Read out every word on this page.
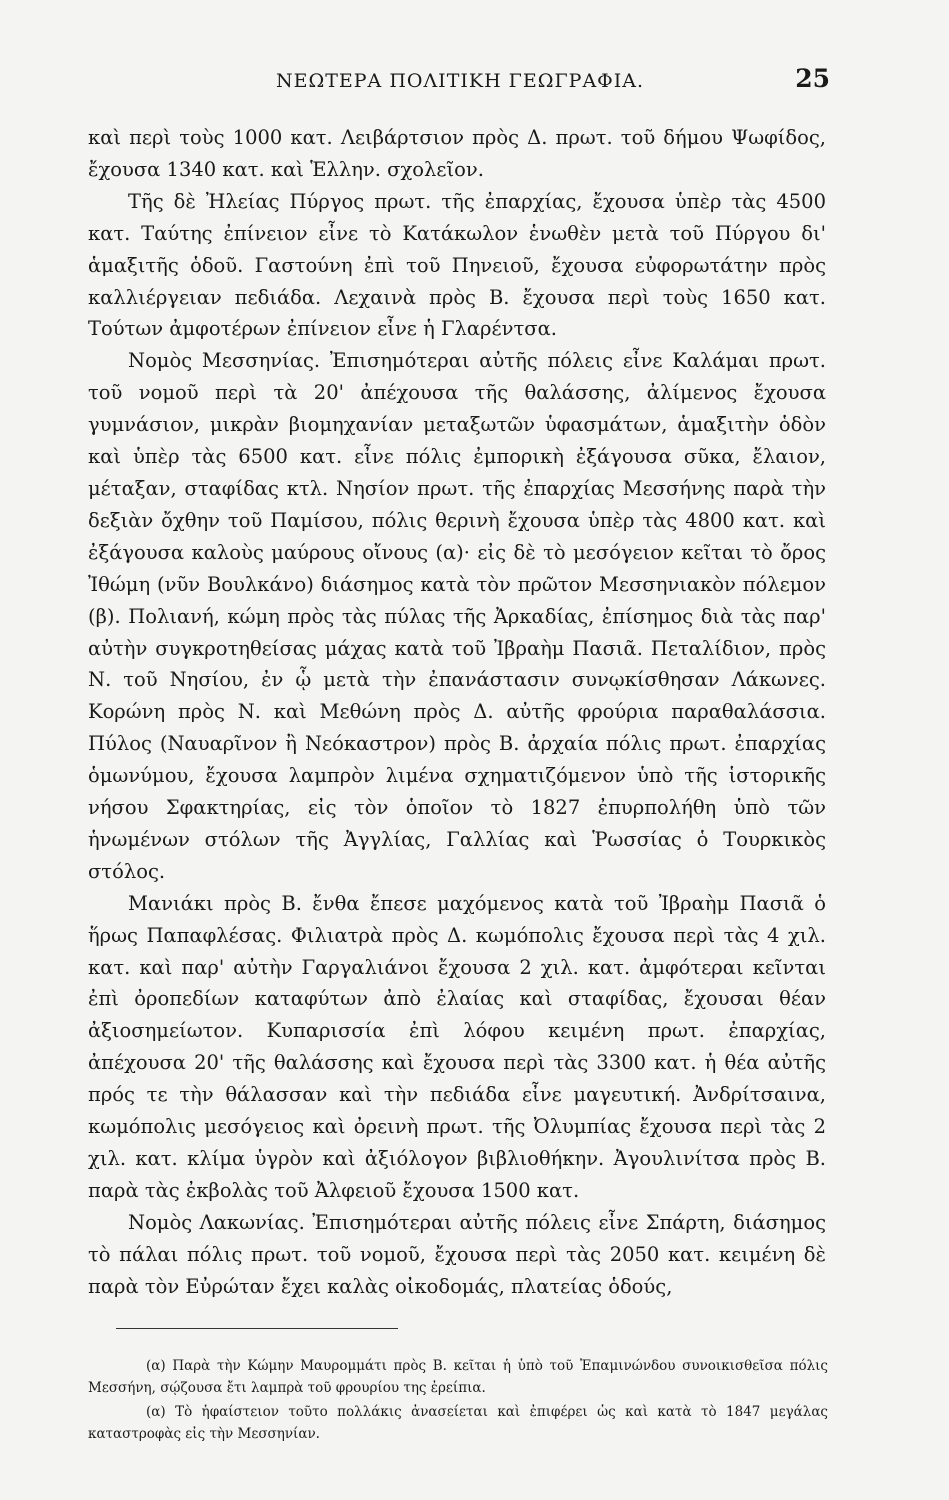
ΝΕΩΤΕΡΑ ΠΟΛΙΤΙΚΗ ΓΕΩΓΡΑΦΙΑ.	25

καὶ περὶ τοὺς 1000 κατ. Λειβάρτσιον πρὸς Δ. πρωτ. τοῦ δήμου Ψωφίδος, ἔχουσα 1340 κατ. καὶ Ἑλλην. σχολεῖον.

Τῆς δὲ Ἠλείας Πύργος πρωτ. τῆς ἐπαρχίας, ἔχουσα ὑπὲρ τὰς 4500 κατ. Ταύτης ἐπίνειον εἶνε τὸ Κατάκωλον ἑνωθὲν μετὰ τοῦ Πύργου δι' ἁμαξιτῆς ὁδοῦ. Γαστούνη ἐπὶ τοῦ Πηνειοῦ, ἔχουσα εὐφορωτάτην πρὸς καλλιέργειαν πεδιάδα. Λεχαινὰ πρὸς Β. ἔχουσα περὶ τοὺς 1650 κατ. Τούτων ἀμφοτέρων ἐπίνειον εἶνε ἡ Γλαρέντσα.

Νομὸς Μεσσηνίας. Ἐπισημότεραι αὐτῆς πόλεις εἶνε Καλάμαι πρωτ. τοῦ νομοῦ περὶ τὰ 20' ἀπέχουσα τῆς θαλάσσης, ἀλίμενος ἔχουσα γυμνάσιον, μικρὰν βιομηχανίαν μεταξωτῶν ὑφασμάτων, ἁμαξιτὴν ὁδὸν καὶ ὑπὲρ τὰς 6500 κατ. εἶνε πόλις ἐμπορικὴ ἐξάγουσα σῦκα, ἔλαιον, μέταξαν, σταφίδας κτλ. Νησίον πρωτ. τῆς ἐπαρχίας Μεσσήνης παρὰ τὴν δεξιὰν ὄχθην τοῦ Παμίσου, πόλις θερινὴ ἔχουσα ὑπὲρ τὰς 4800 κατ. καὶ ἐξάγουσα καλοὺς μαύρους οἴνους (α)· εἰς δὲ τὸ μεσόγειον κεῖται τὸ ὄρος Ἰθώμη (νῦν Βουλκάνο) διάσημος κατὰ τὸν πρῶτον Μεσσηνιακὸν πόλεμον (β). Πολιανή, κώμη πρὸς τὰς πύλας τῆς Ἀρκαδίας, ἐπίσημος διὰ τὰς παρ' αὐτὴν συγκροτηθείσας μάχας κατὰ τοῦ Ἰβραὴμ Πασιᾶ. Πεταλίδιον, πρὸς Ν. τοῦ Νησίου, ἐν ᾧ μετὰ τὴν ἐπανάστασιν συνῳκίσθησαν Λάκωνες. Κορώνη πρὸς Ν. καὶ Μεθώνη πρὸς Δ. αὐτῆς φρούρια παραθαλάσσια. Πύλος (Ναυαρῖνον ἢ Νεόκαστρον) πρὸς Β. ἀρχαία πόλις πρωτ. ἐπαρχίας ὁμωνύμου, ἔχουσα λαμπρὸν λιμένα σχηματιζόμενον ὑπὸ τῆς ἱστορικῆς νήσου Σφακτηρίας, εἰς τὸν ὁποῖον τὸ 1827 ἐπυρπολήθη ὑπὸ τῶν ἡνωμένων στόλων τῆς Ἀγγλίας, Γαλλίας καὶ Ῥωσσίας ὁ Τουρκικὸς στόλος.

Μανιάκι πρὸς Β. ἔνθα ἔπεσε μαχόμενος κατὰ τοῦ Ἰβραὴμ Πασιᾶ ὁ ἥρως Παπαφλέσας. Φιλιατρὰ πρὸς Δ. κωμόπολις ἔχουσα περὶ τὰς 4 χιλ. κατ. καὶ παρ' αὐτὴν Γαργαλιάνοι ἔχουσα 2 χιλ. κατ. ἀμφότεραι κεῖνται ἐπὶ ὀροπεδίων καταφύτων ἀπὸ ἐλαίας καὶ σταφίδας, ἔχουσαι θέαν ἀξιοσημείωτον. Κυπαρισσία ἐπὶ λόφου κειμένη πρωτ. ἐπαρχίας, ἀπέχουσα 20' τῆς θαλάσσης καὶ ἔχουσα περὶ τὰς 3300 κατ. ἡ θέα αὐτῆς πρός τε τὴν θάλασσαν καὶ τὴν πεδιάδα εἶνε μαγευτική. Ἀνδρίτσαινα, κωμόπολις μεσόγειος καὶ ὀρεινὴ πρωτ. τῆς Ὀλυμπίας ἔχουσα περὶ τὰς 2 χιλ. κατ. κλίμα ὑγρὸν καὶ ἀξιόλογον βιβλιοθήκην. Ἀγουλινίτσα πρὸς Β. παρὰ τὰς ἐκβολὰς τοῦ Ἀλφειοῦ ἔχουσα 1500 κατ.

Νομὸς Λακωνίας. Ἐπισημότεραι αὐτῆς πόλεις εἶνε Σπάρτη, διάσημος τὸ πάλαι πόλις πρωτ. τοῦ νομοῦ, ἔχουσα περὶ τὰς 2050 κατ. κειμένη δὲ παρὰ τὸν Εὐρώταν ἔχει καλὰς οἰκοδομάς, πλατείας ὁδούς,

(α) Παρὰ τὴν Κώμην Μαυρομμάτι πρὸς Β. κεῖται ἡ ὑπὸ τοῦ Ἐπαμινώνδου συνοικισθεῖσα πόλις Μεσσήνη, σῴζουσα ἔτι λαμπρὰ τοῦ φρουρίου της ἐρείπια.

(α) Τὸ ἡφαίστειον τοῦτο πολλάκις ἀνασείεται καὶ ἐπιφέρει ὡς καὶ κατὰ τὸ 1847 μεγάλας καταστροφὰς εἰς τὴν Μεσσηνίαν.
